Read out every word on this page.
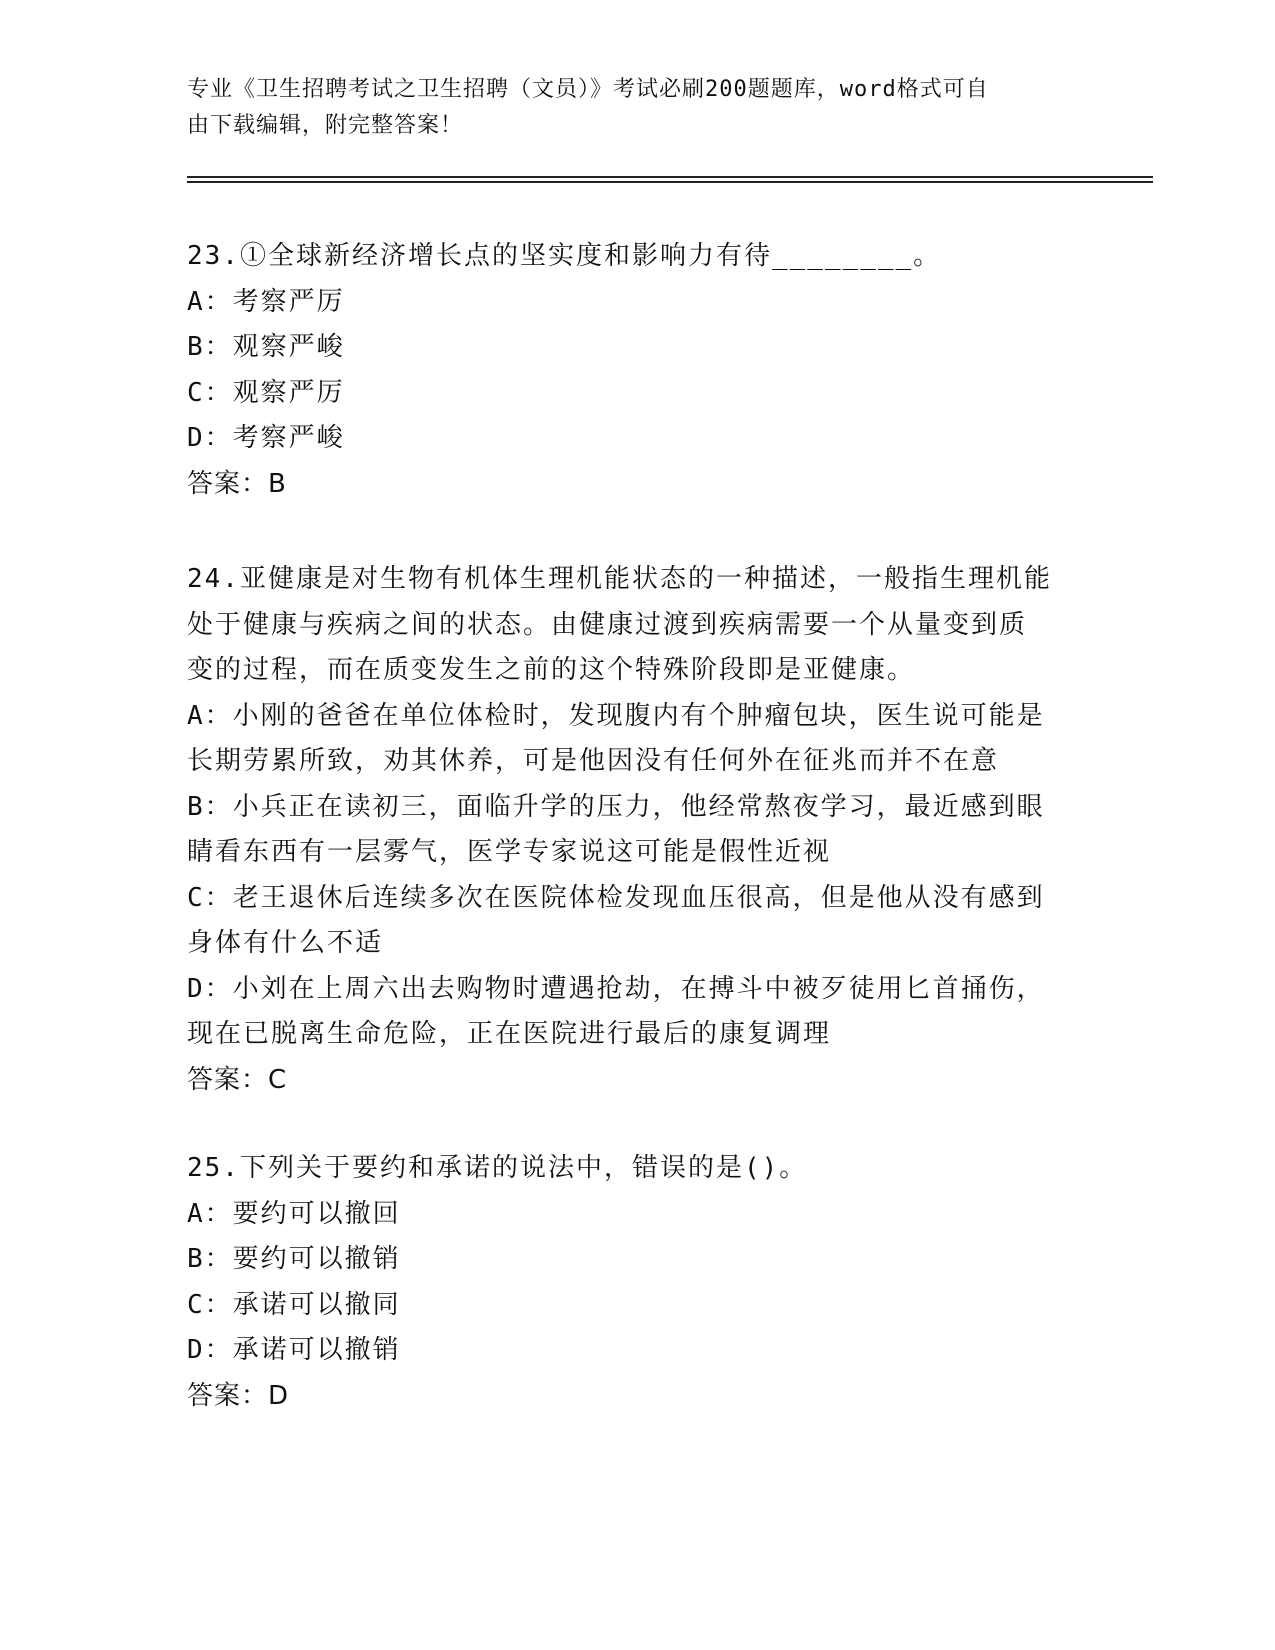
专业《卫生招聘考试之卫生招聘（文员）》考试必刷200题题库，word格式可自
由下载编辑，附完整答案！

23.①全球新经济增长点的坚实度和影响力有待________。

A：考察严厉

B：观察严峻

C：观察严厉

D：考察严峻

答案：B

24.亚健康是对生物有机体生理机能状态的一种描述，一般指生理机能

处于健康与疾病之间的状态。由健康过渡到疾病需要一个从量变到质

变的过程，而在质变发生之前的这个特殊阶段即是亚健康。

A：小刚的爸爸在单位体检时，发现腹内有个肿瘤包块，医生说可能是

长期劳累所致，劝其休养，可是他因没有任何外在征兆而并不在意

B：小兵正在读初三，面临升学的压力，他经常熬夜学习，最近感到眼

睛看东西有一层雾气，医学专家说这可能是假性近视

C：老王退休后连续多次在医院体检发现血压很高，但是他从没有感到

身体有什么不适

D：小刘在上周六出去购物时遭遇抢劫，在搏斗中被歹徒用匕首捅伤，

现在已脱离生命危险，正在医院进行最后的康复调理

答案：C

25.下列关于要约和承诺的说法中，错误的是()。

A：要约可以撤回

B：要约可以撤销

C：承诺可以撤同

D：承诺可以撤销

答案：D
